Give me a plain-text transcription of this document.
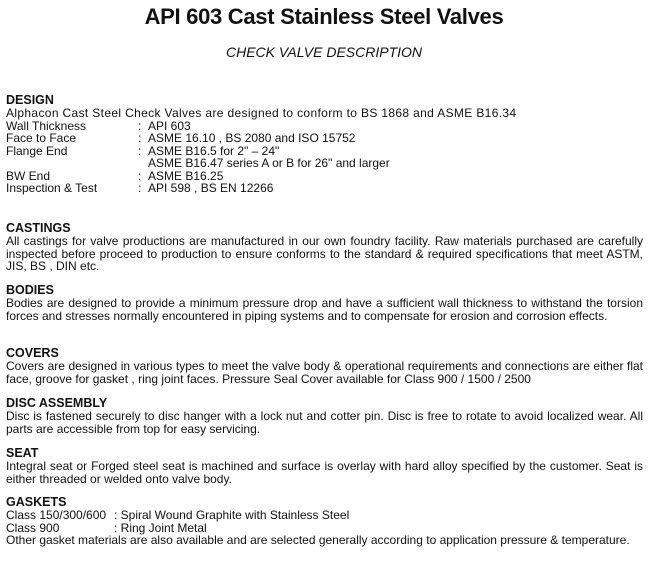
API 603 Cast Stainless Steel Valves
CHECK VALVE DESCRIPTION
DESIGN
Alphacon Cast Steel Check Valves are designed to conform to BS 1868 and ASME B16.34
Wall Thickness	: API 603
Face to Face	: ASME 16.10 , BS 2080 and ISO 15752
Flange End	: ASME B16.5 for 2" – 24"
ASME B16.47 series A or B for 26" and larger
BW End	: ASME B16.25
Inspection & Test	: API 598 , BS EN 12266
CASTINGS
All castings for valve productions are manufactured in our own foundry facility. Raw materials purchased are carefully inspected before proceed to production to ensure conforms to the standard & required specifications that meet ASTM, JIS, BS , DIN etc.
BODIES
Bodies are designed to provide a minimum pressure drop and have a sufficient wall thickness to withstand the torsion forces and stresses normally encountered in piping systems and to compensate for erosion and corrosion effects.
COVERS
Covers are designed in various types to meet the valve body & operational requirements and connections are either flat face, groove for gasket , ring joint faces. Pressure Seal Cover available for Class 900 / 1500 / 2500
DISC ASSEMBLY
Disc is fastened securely to disc hanger with a lock nut and cotter pin. Disc is free to rotate to avoid localized wear. All parts are accessible from top for easy servicing.
SEAT
Integral seat or Forged steel seat is machined and surface is overlay with hard alloy specified by the customer. Seat is either threaded or welded onto valve body.
GASKETS
Class 150/300/600 : Spiral Wound Graphite with Stainless Steel
Class 900	: Ring Joint Metal
Other gasket materials are also available and are selected generally according to application pressure & temperature.
